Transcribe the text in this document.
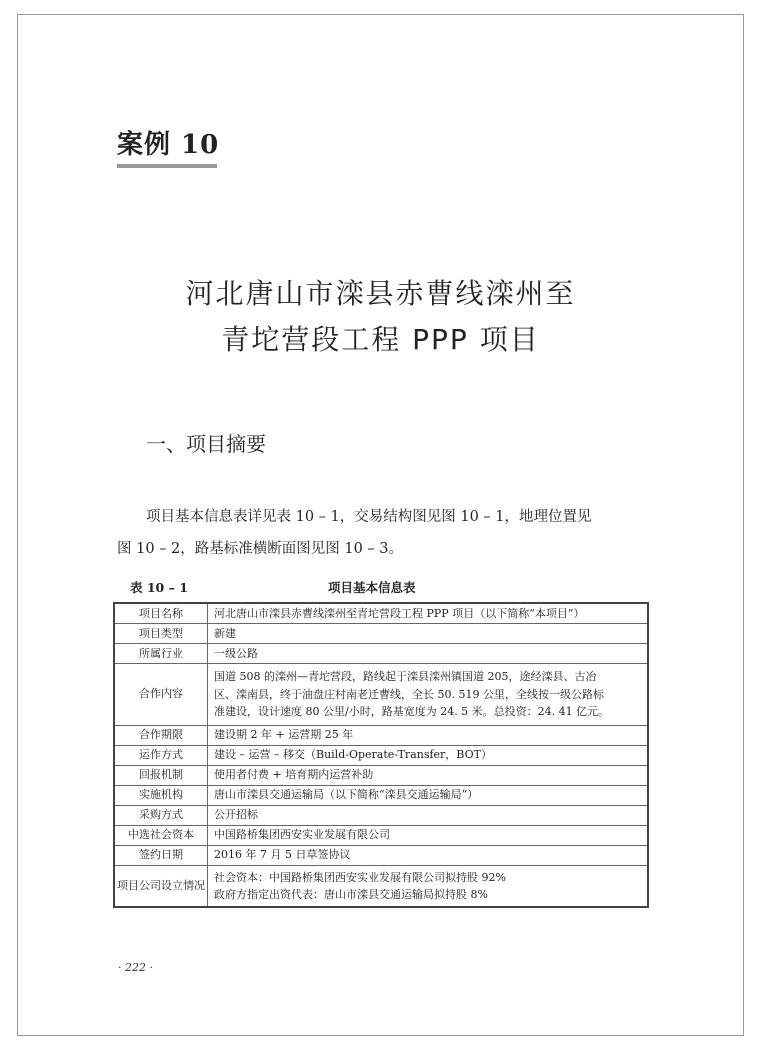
案例 10
河北唐山市滦县赤曹线滦州至
青坨营段工程 PPP 项目
一、项目摘要
项目基本信息表详见表 10 – 1，交易结构图见图 10 – 1，地理位置见
图 10 – 2，路基标准横断面图见图 10 – 3。
表 10 – 1	项目基本信息表
项目名称	河北唐山市滦县赤曹线滦州至青坨营段工程 PPP 项目（以下简称“本项目”）

项目类型	新建

所属行业	一级公路

合作内容	国道 508 的滦州—青坨营段，路线起于滦县滦州镇国道 205，途经滦县、古冶
区、滦南县，终于油盘庄村南老迁曹线，全长 50. 519 公里，全线按一级公路标
准建设，设计速度 80 公里/小时，路基宽度为 24. 5 米。总投资：24. 41 亿元。

合作期限	建设期 2 年 + 运营期 25 年

运作方式	建设 – 运营 – 移交（Build-Operate-Transfer，BOT）

回报机制	使用者付费 + 培育期内运营补助

实施机构	唐山市滦县交通运输局（以下简称“滦县交通运输局”）

采购方式	公开招标

中选社会资本	中国路桥集团西安实业发展有限公司

签约日期	2016 年 7 月 5 日草签协议

项目公司设立情况	社会资本：中国路桥集团西安实业发展有限公司拟持股 92%
政府方指定出资代表：唐山市滦县交通运输局拟持股 8%
· 222 ·
